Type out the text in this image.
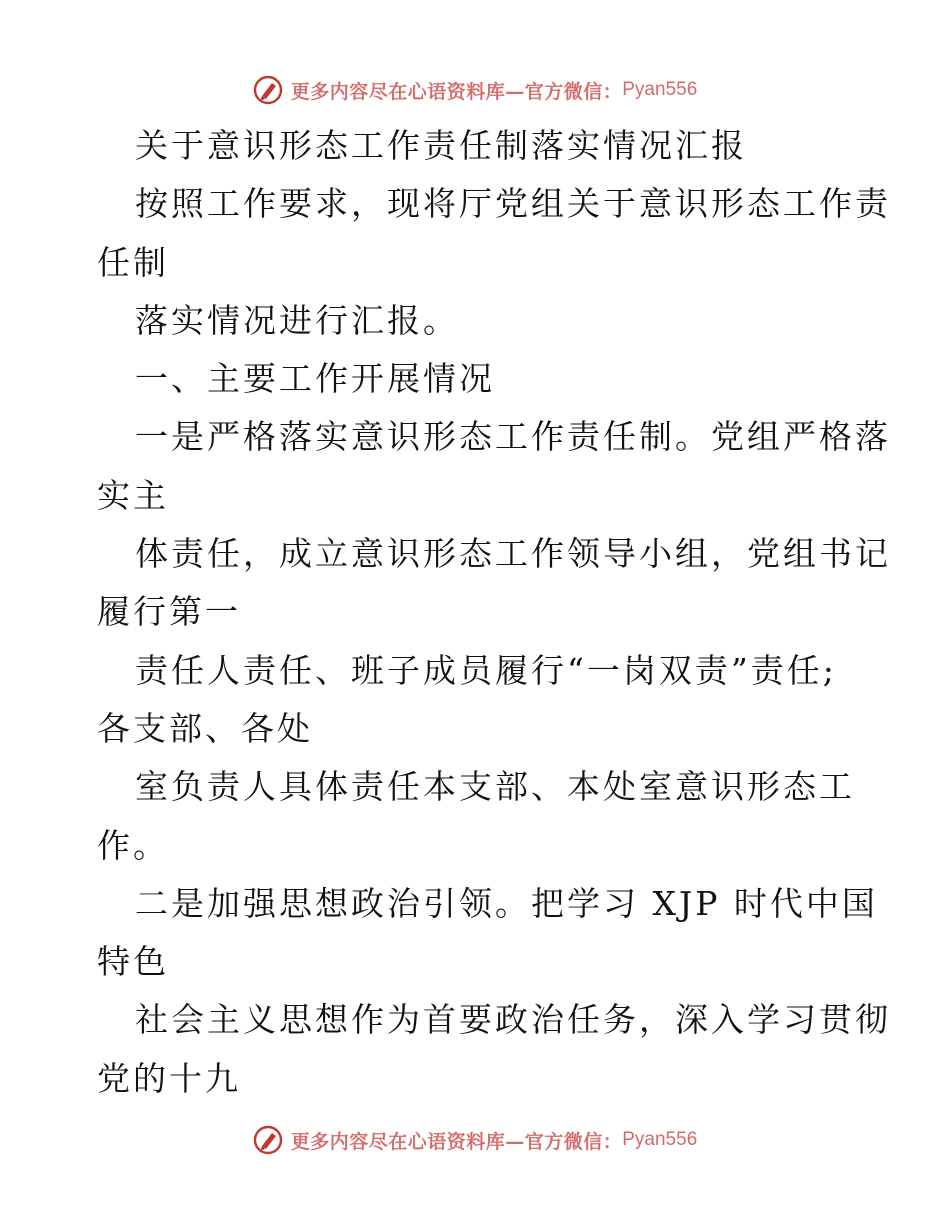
更多内容尽在心语资料库—官方微信： Pyan556
关于意识形态工作责任制落实情况汇报
按照工作要求，现将厅党组关于意识形态工作责
任制
落实情况进行汇报。
一、主要工作开展情况
一是严格落实意识形态工作责任制。党组严格落
实主
体责任，成立意识形态工作领导小组，党组书记
履行第一
责任人责任、班子成员履行“一岗双责”责任;
各支部、各处
室负责人具体责任本支部、本处室意识形态工
作。
二是加强思想政治引领。把学习 XJP 时代中国
特色
社会主义思想作为首要政治任务，深入学习贯彻
党的十九
更多内容尽在心语资料库—官方微信： Pyan556
